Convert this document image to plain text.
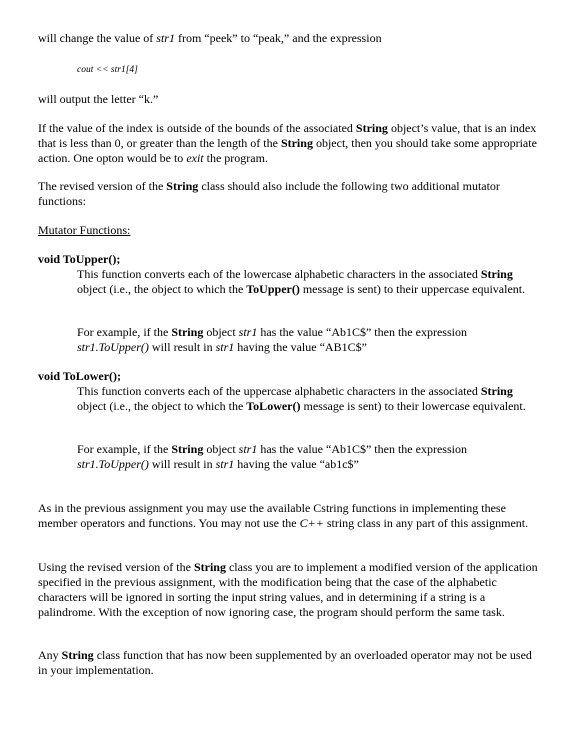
will change the value of str1 from “peek” to “peak,” and the expression

cout << str1[4]

will output the letter “k.”

If the value of the index is outside of the bounds of the associated String object’s value, that is an index that is less than 0, or greater than the length of the String object, then you should take some appropriate action. One opton would be to exit the program.

The revised version of the String class should also include the following two additional mutator functions:

Mutator Functions:

void ToUpper();

This function converts each of the lowercase alphabetic characters in the associated String object (i.e., the object to which the ToUpper() message is sent) to their uppercase equivalent.

For example, if the String object str1 has the value “Ab1C$” then the expression str1.ToUpper() will result in str1 having the value “AB1C$”

void ToLower();

This function converts each of the uppercase alphabetic characters in the associated String object (i.e., the object to which the ToLower() message is sent) to their lowercase equivalent.

For example, if the String object str1 has the value “Ab1C$” then the expression str1.ToUpper() will result in str1 having the value “ab1c$”

As in the previous assignment you may use the available Cstring functions in implementing these member operators and functions. You may not use the C++ string class in any part of this assignment.

Using the revised version of the String class you are to implement a modified version of the application specified in the previous assignment, with the modification being that the case of the alphabetic characters will be ignored in sorting the input string values, and in determining if a string is a palindrome. With the exception of now ignoring case, the program should perform the same task.

Any String class function that has now been supplemented by an overloaded operator may not be used in your implementation.
